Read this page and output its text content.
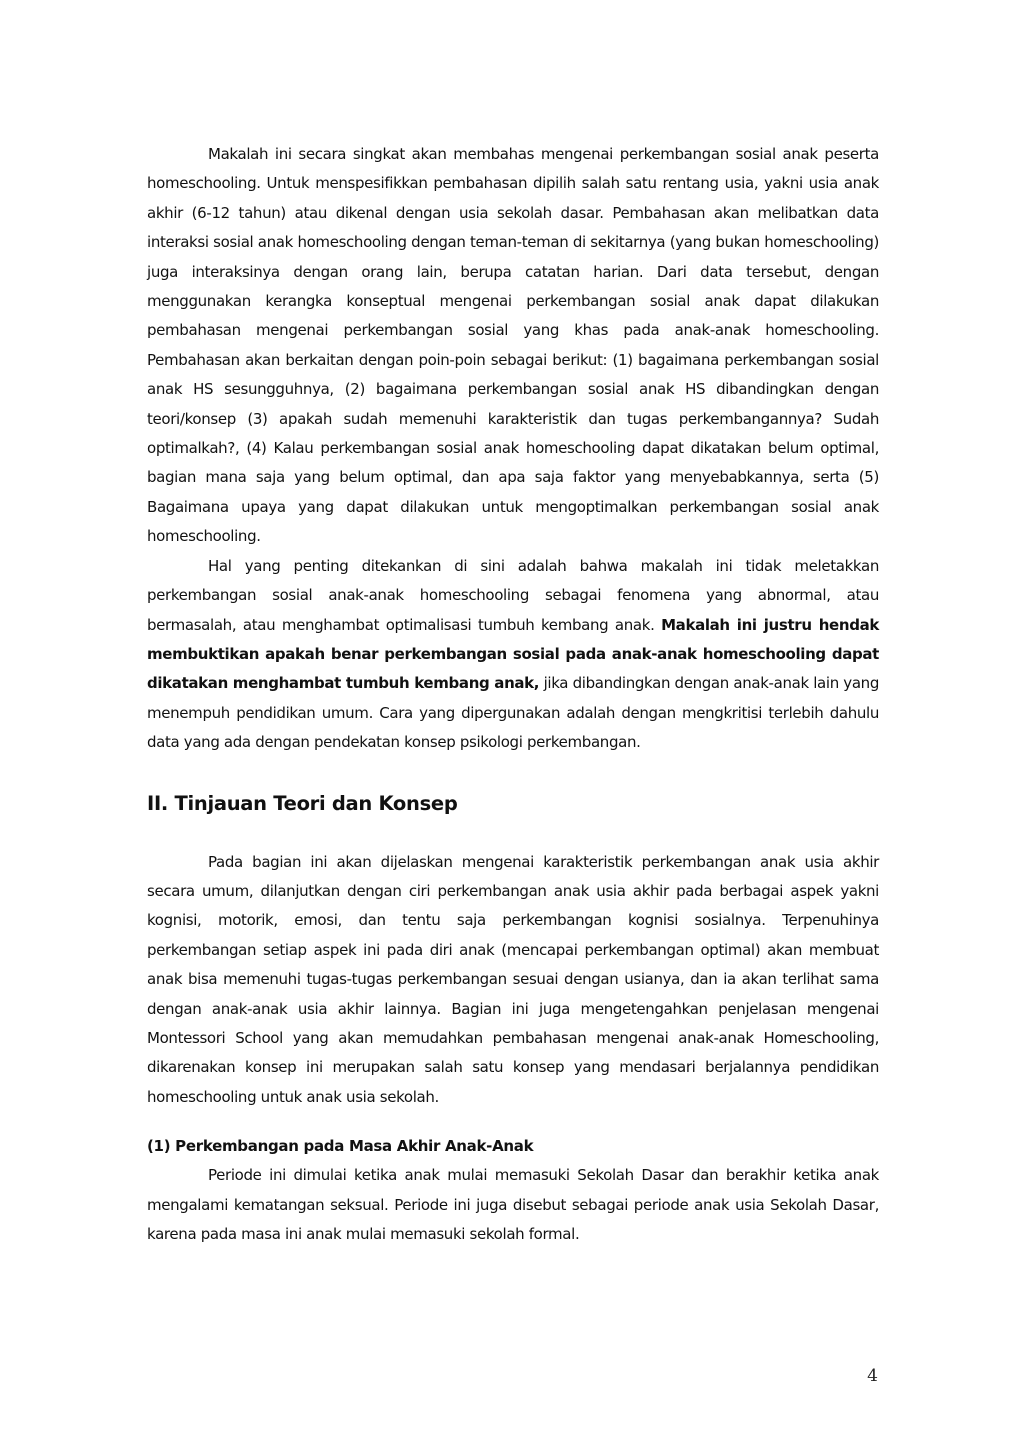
Makalah ini secara singkat akan membahas mengenai perkembangan sosial anak peserta homeschooling. Untuk menspesifikkan pembahasan dipilih salah satu rentang usia, yakni usia anak akhir (6-12 tahun) atau dikenal dengan usia sekolah dasar. Pembahasan akan melibatkan data interaksi sosial anak homeschooling dengan teman-teman di sekitarnya (yang bukan homeschooling) juga interaksinya dengan orang lain, berupa catatan harian. Dari data tersebut, dengan menggunakan kerangka konseptual mengenai perkembangan sosial anak dapat dilakukan pembahasan mengenai perkembangan sosial yang khas pada anak-anak homeschooling. Pembahasan akan berkaitan dengan poin-poin sebagai berikut: (1) bagaimana perkembangan sosial anak HS sesungguhnya, (2) bagaimana perkembangan sosial anak HS dibandingkan dengan teori/konsep (3) apakah sudah memenuhi karakteristik dan tugas perkembangannya? Sudah optimalkah?, (4) Kalau perkembangan sosial anak homeschooling dapat dikatakan belum optimal, bagian mana saja yang belum optimal, dan apa saja faktor yang menyebabkannya, serta (5) Bagaimana upaya yang dapat dilakukan untuk mengoptimalkan perkembangan sosial anak homeschooling.

Hal yang penting ditekankan di sini adalah bahwa makalah ini tidak meletakkan perkembangan sosial anak-anak homeschooling sebagai fenomena yang abnormal, atau bermasalah, atau menghambat optimalisasi tumbuh kembang anak. Makalah ini justru hendak membuktikan apakah benar perkembangan sosial pada anak-anak homeschooling dapat dikatakan menghambat tumbuh kembang anak, jika dibandingkan dengan anak-anak lain yang menempuh pendidikan umum. Cara yang dipergunakan adalah dengan mengkritisi terlebih dahulu data yang ada dengan pendekatan konsep psikologi perkembangan.

II. Tinjauan Teori dan Konsep

Pada bagian ini akan dijelaskan mengenai karakteristik perkembangan anak usia akhir secara umum, dilanjutkan dengan ciri perkembangan anak usia akhir pada berbagai aspek yakni kognisi, motorik, emosi, dan tentu saja perkembangan kognisi sosialnya. Terpenuhinya perkembangan setiap aspek ini pada diri anak (mencapai perkembangan optimal) akan membuat anak bisa memenuhi tugas-tugas perkembangan sesuai dengan usianya, dan ia akan terlihat sama dengan anak-anak usia akhir lainnya. Bagian ini juga mengetengahkan penjelasan mengenai Montessori School yang akan memudahkan pembahasan mengenai anak-anak Homeschooling, dikarenakan konsep ini merupakan salah satu konsep yang mendasari berjalannya pendidikan homeschooling untuk anak usia sekolah.

(1) Perkembangan pada Masa Akhir Anak-Anak

Periode ini dimulai ketika anak mulai memasuki Sekolah Dasar dan berakhir ketika anak mengalami kematangan seksual. Periode ini juga disebut sebagai periode anak usia Sekolah Dasar, karena pada masa ini anak mulai memasuki sekolah formal.

4
